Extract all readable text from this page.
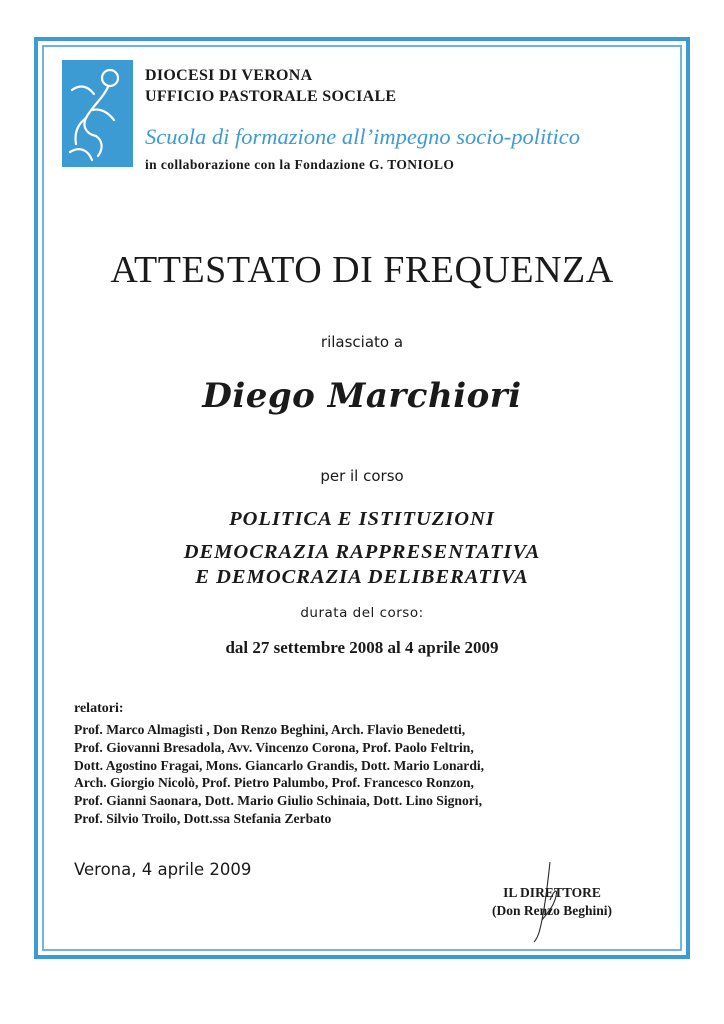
DIOCESI DI VERONA
UFFICIO PASTORALE SOCIALE
Scuola di formazione all’impegno socio-politico
in collaborazione con la Fondazione G. TONIOLO
ATTESTATO DI FREQUENZA
rilasciato a
Diego Marchiori
per il corso
POLITICA E ISTITUZIONI
DEMOCRAZIA RAPPRESENTATIVA
E DEMOCRAZIA DELIBERATIVA
durata del corso:
dal 27 settembre 2008 al 4 aprile 2009
relatori:
Prof. Marco Almagisti , Don Renzo Beghini, Arch. Flavio Benedetti,
Prof. Giovanni Bresadola, Avv. Vincenzo Corona, Prof. Paolo Feltrin,
Dott. Agostino Fragai, Mons. Giancarlo Grandis, Dott. Mario Lonardi,
Arch. Giorgio Nicolò, Prof. Pietro Palumbo, Prof. Francesco Ronzon,
Prof. Gianni Saonara, Dott. Mario Giulio Schinaia, Dott. Lino Signori,
Prof. Silvio Troilo, Dott.ssa Stefania Zerbato
Verona, 4 aprile 2009
IL DIRETTORE
(Don Renzo Beghini)
